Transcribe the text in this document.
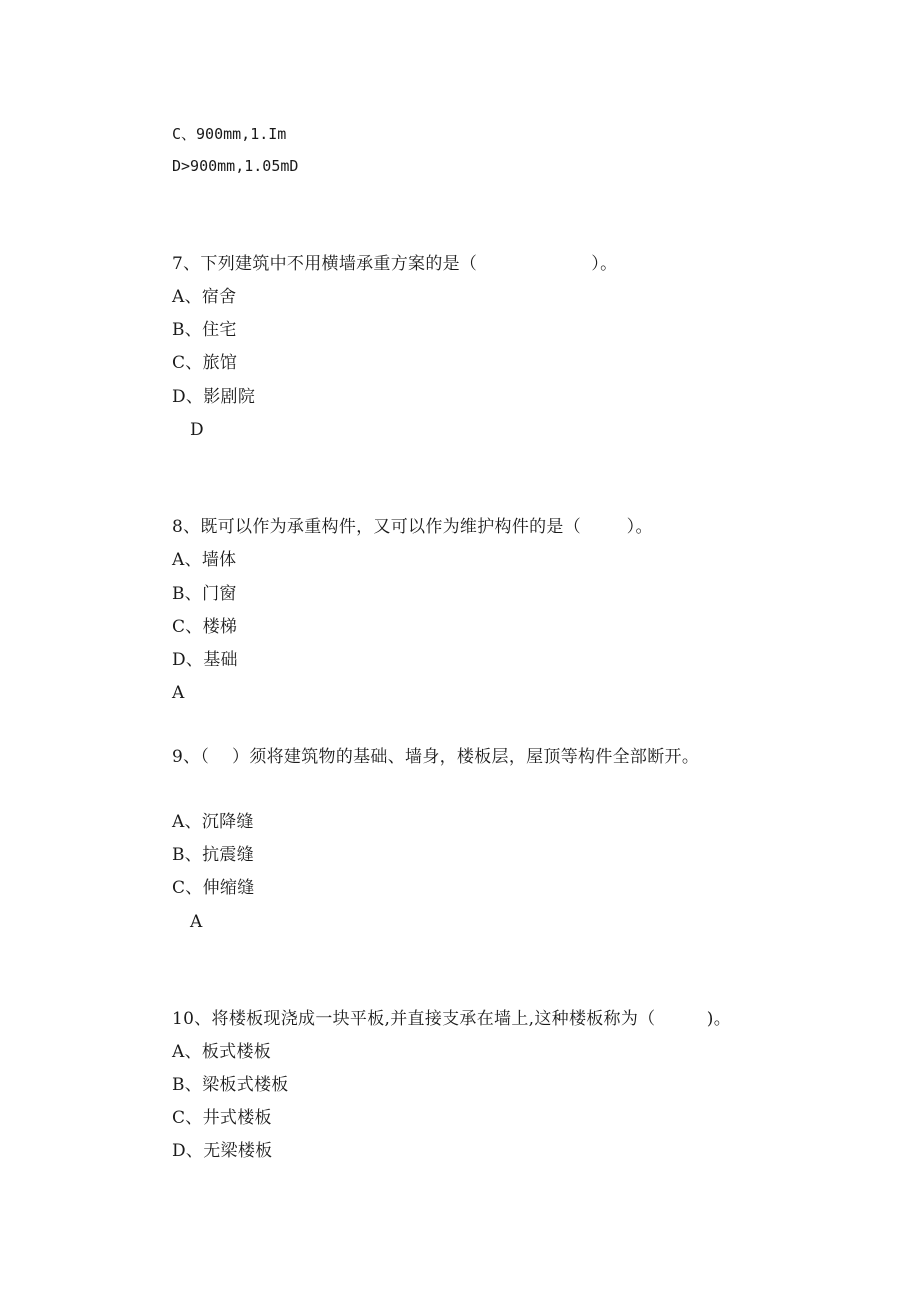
C、900mm,1.Im
D>900mm,1.05mD
7、下列建筑中不用横墙承重方案的是（                    ）。
A、宿舍
B、住宅
C、旅馆
D、影剧院
D
8、既可以作为承重构件，又可以作为维护构件的是（        ）。
A、墙体
B、门窗
C、楼梯
D、基础
A
9、（    ）须将建筑物的基础、墙身，楼板层，屋顶等构件全部断开。
A、沉降缝
B、抗震缝
C、伸缩缝
A
10、将楼板现浇成一块平板,并直接支承在墙上,这种楼板称为（         )。
A、板式楼板
B、梁板式楼板
C、井式楼板
D、无梁楼板
